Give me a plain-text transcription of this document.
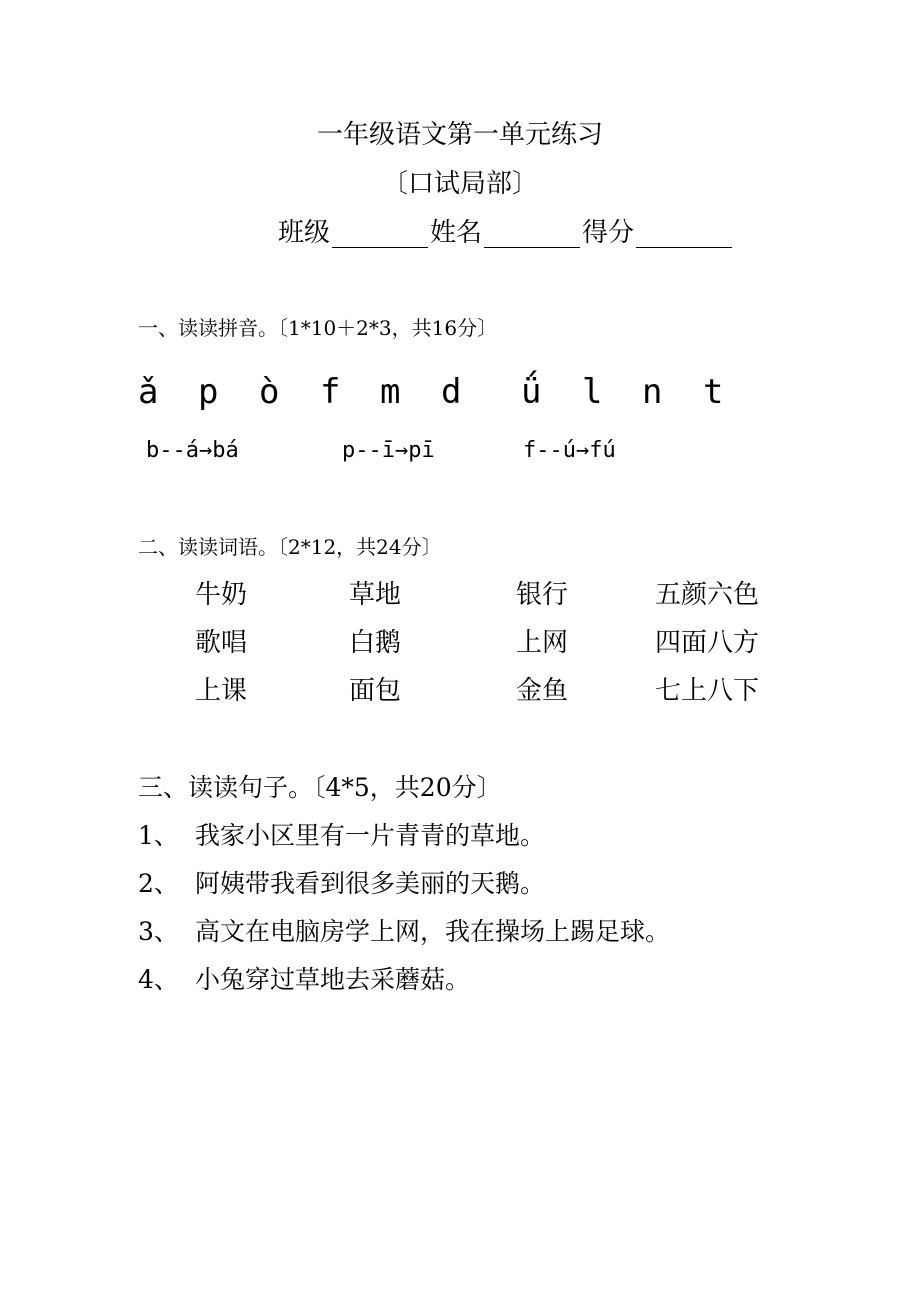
一年级语文第一单元练习
〔口试局部〕
班级	姓名	得分
一、读读拼音。〔1*10＋2*3，共16分〕
ǎ p ò f m d ǘ l n t
b--á→bá	p--ī→pī	f--ú→fú
二、读读词语。〔2*12，共24分〕
牛奶	草地	银行	五颜六色
歌唱	白鹅	上网	四面八方
上课	面包	金鱼	七上八下
三、读读句子。〔4*5，共20分〕
1、 我家小区里有一片青青的草地。
2、 阿姨带我看到很多美丽的天鹅。
3、 高文在电脑房学上网，我在操场上踢足球。
4、 小兔穿过草地去采蘑菇。
